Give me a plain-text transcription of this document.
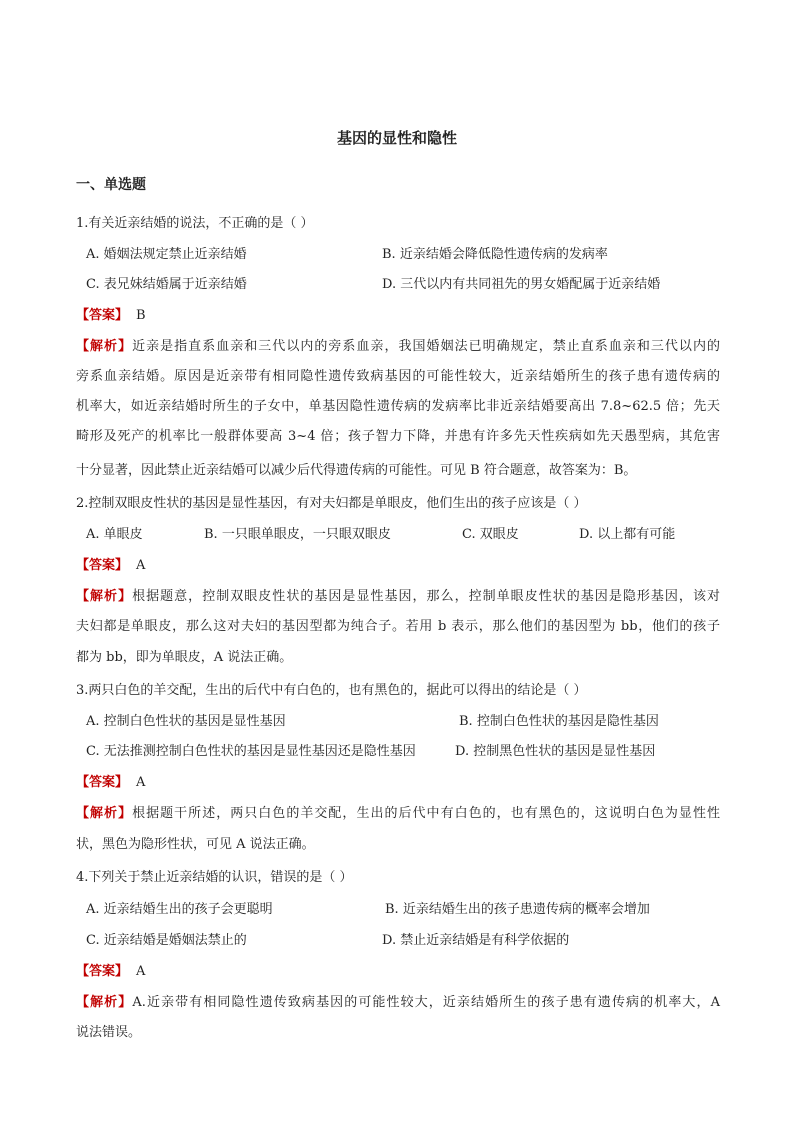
基因的显性和隐性
一、单选题
1.有关近亲结婚的说法，不正确的是（ ）
A. 婚姻法规定禁止近亲结婚	B. 近亲结婚会降低隐性遗传病的发病率
C. 表兄妹结婚属于近亲结婚	D. 三代以内有共同祖先的男女婚配属于近亲结婚
【答案】 B
【解析】近亲是指直系血亲和三代以内的旁系血亲，我国婚姻法已明确规定，禁止直系血亲和三代以内的
旁系血亲结婚。原因是近亲带有相同隐性遗传致病基因的可能性较大，近亲结婚所生的孩子患有遗传病的
机率大，如近亲结婚时所生的子女中，单基因隐性遗传病的发病率比非近亲结婚要高出 7.8~62.5 倍；先天
畸形及死产的机率比一般群体要高 3~4 倍；孩子智力下降，并患有许多先天性疾病如先天愚型病，其危害
十分显著，因此禁止近亲结婚可以减少后代得遗传病的可能性。可见 B 符合题意，故答案为：B。
2.控制双眼皮性状的基因是显性基因，有对夫妇都是单眼皮，他们生出的孩子应该是（ ）
A. 单眼皮	B. 一只眼单眼皮，一只眼双眼皮	C. 双眼皮	D. 以上都有可能
【答案】 A
【解析】根据题意，控制双眼皮性状的基因是显性基因，那么，控制单眼皮性状的基因是隐形基因，该对
夫妇都是单眼皮，那么这对夫妇的基因型都为纯合子。若用 b 表示，那么他们的基因型为 bb，他们的孩子
都为 bb，即为单眼皮，A 说法正确。
3.两只白色的羊交配，生出的后代中有白色的，也有黑色的，据此可以得出的结论是（ ）
A. 控制白色性状的基因是显性基因	B. 控制白色性状的基因是隐性基因
C. 无法推测控制白色性状的基因是显性基因还是隐性基因	D. 控制黑色性状的基因是显性基因
【答案】 A
【解析】根据题干所述，两只白色的羊交配，生出的后代中有白色的，也有黑色的，这说明白色为显性性
状，黑色为隐形性状，可见 A 说法正确。
4.下列关于禁止近亲结婚的认识，错误的是（ ）
A. 近亲结婚生出的孩子会更聪明	B. 近亲结婚生出的孩子患遗传病的概率会增加
C. 近亲结婚是婚姻法禁止的	D. 禁止近亲结婚是有科学依据的
【答案】 A
【解析】A.近亲带有相同隐性遗传致病基因的可能性较大，近亲结婚所生的孩子患有遗传病的机率大，A
说法错误。
